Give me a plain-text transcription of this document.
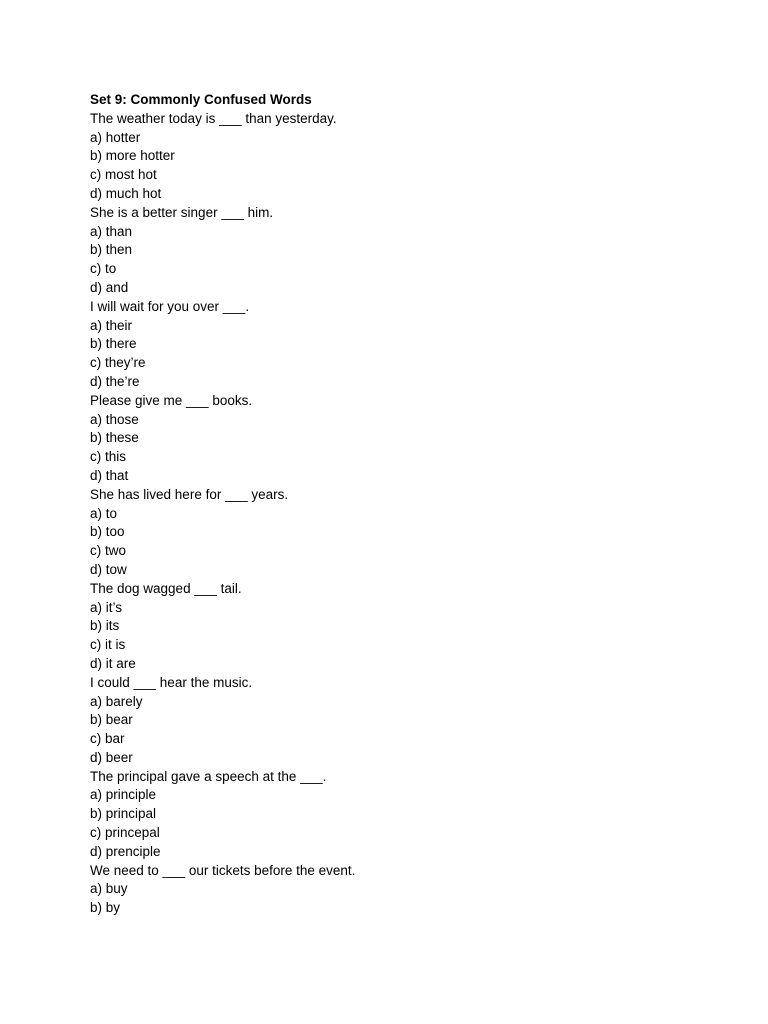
Set 9: Commonly Confused Words
The weather today is ___ than yesterday.
a) hotter
b) more hotter
c) most hot
d) much hot
She is a better singer ___ him.
a) than
b) then
c) to
d) and
I will wait for you over ___.
a) their
b) there
c) they’re
d) the’re
Please give me ___ books.
a) those
b) these
c) this
d) that
She has lived here for ___ years.
a) to
b) too
c) two
d) tow
The dog wagged ___ tail.
a) it’s
b) its
c) it is
d) it are
I could ___ hear the music.
a) barely
b) bear
c) bar
d) beer
The principal gave a speech at the ___.
a) principle
b) principal
c) princepal
d) prenciple
We need to ___ our tickets before the event.
a) buy
b) by
